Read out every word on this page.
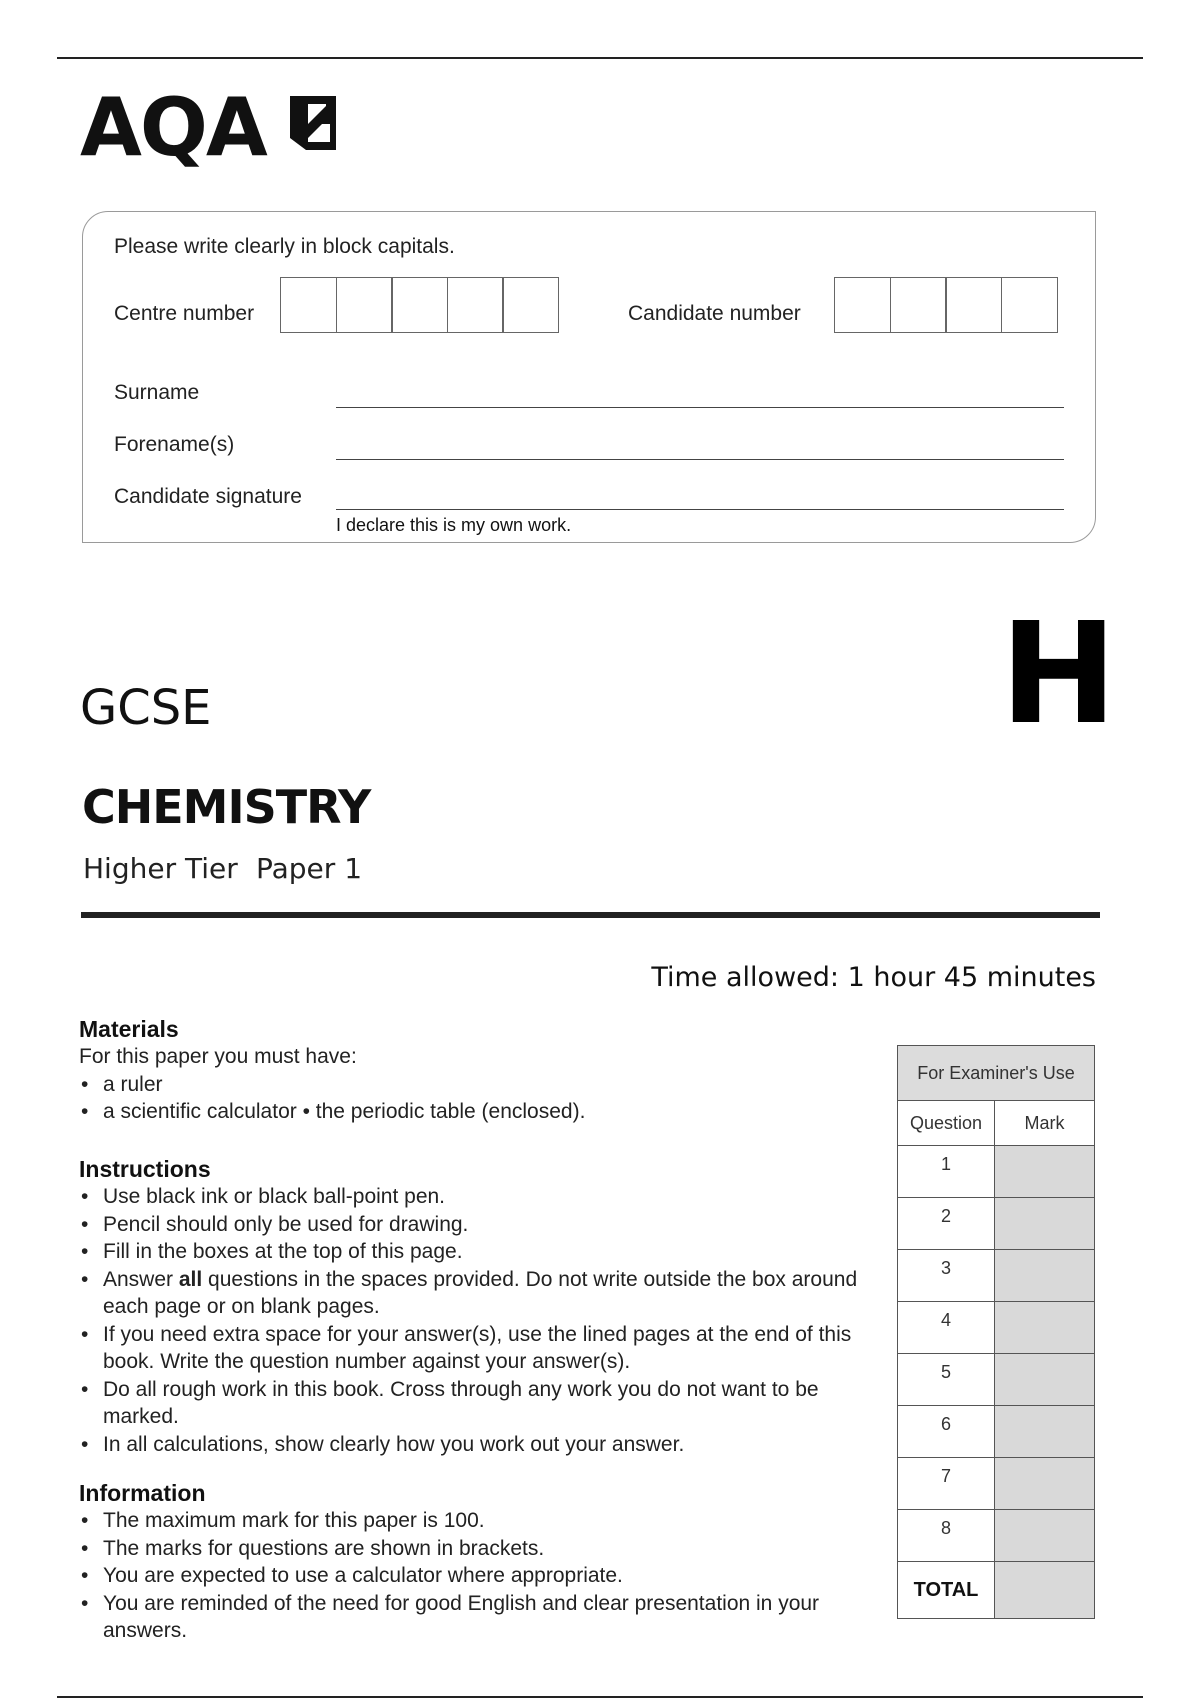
AQA
Please write clearly in block capitals.
Centre number	Candidate number
Surname
Forename(s)
Candidate signature
I declare this is my own work.
GCSE	H
CHEMISTRY
Higher Tier Paper 1
Time allowed: 1 hour 45 minutes
Materials
For this paper you must have:
• a ruler
• a scientific calculator • the periodic table (enclosed).
Instructions
• Use black ink or black ball-point pen.
• Pencil should only be used for drawing.
• Fill in the boxes at the top of this page.
• Answer all questions in the spaces provided. Do not write outside the box around each page or on blank pages.
• If you need extra space for your answer(s), use the lined pages at the end of this book. Write the question number against your answer(s).
• Do all rough work in this book. Cross through any work you do not want to be marked.
• In all calculations, show clearly how you work out your answer.
Information
• The maximum mark for this paper is 100.
• The marks for questions are shown in brackets.
• You are expected to use a calculator where appropriate.
• You are reminded of the need for good English and clear presentation in your answers.
For Examiner's Use	
Question	Mark
1	
2	
3	
4	
5	
6	
7	
8	
TOTAL	
